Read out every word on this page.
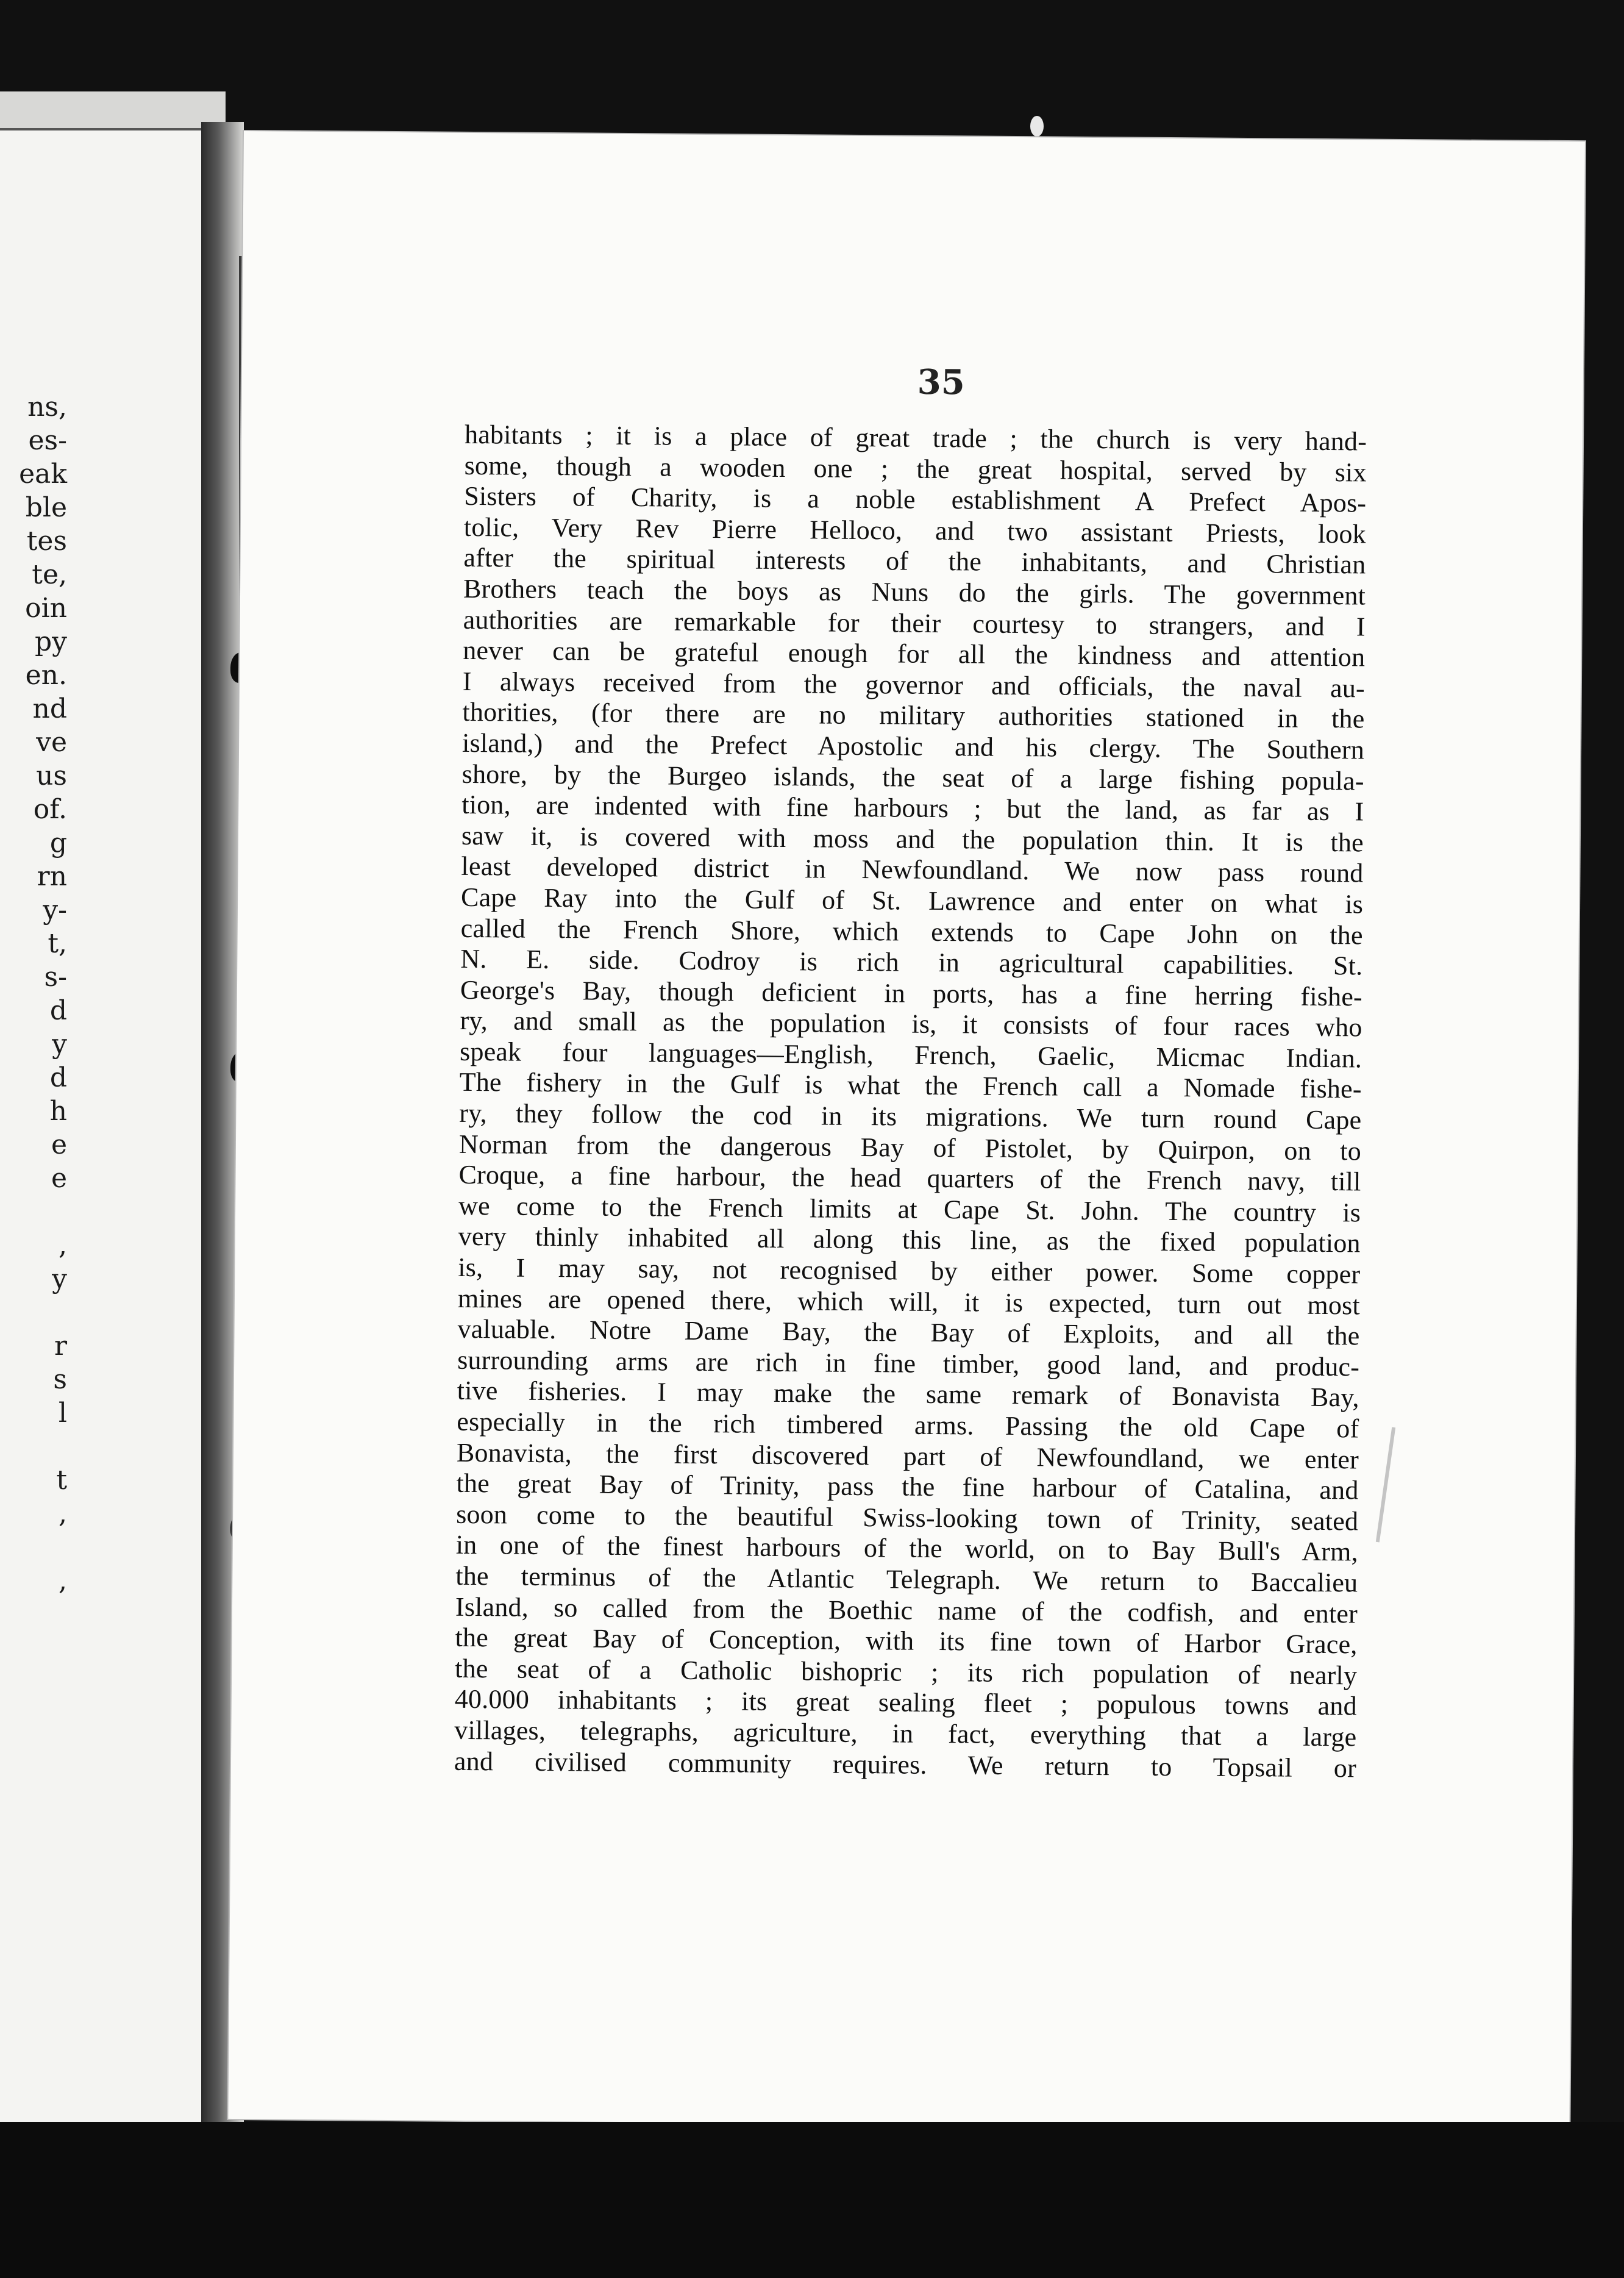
ns,
es-
eak
ble
tes
te,
oin
py
en.
nd
ve
us
of.
g
rn
y-
t,
s-
d
y
d
h
e
e

,
y

r
s
l

t
,

,
35
habitants ; it is a place of great trade ; the church is very hand-
some, though a wooden one ; the great hospital, served by six
Sisters of Charity, is a noble establishment A Prefect Apos-
tolic, Very Rev Pierre Helloco, and two assistant Priests, look
after the spiritual interests of the inhabitants, and Christian
Brothers teach the boys as Nuns do the girls. The government
authorities are remarkable for their courtesy to strangers, and I
never can be grateful enough for all the kindness and attention
I always received from the governor and officials, the naval au-
thorities, (for there are no military authorities stationed in the
island,) and the Prefect Apostolic and his clergy. The Southern
shore, by the Burgeo islands, the seat of a large fishing popula-
tion, are indented with fine harbours ; but the land, as far as I
saw it, is covered with moss and the population thin. It is the
least developed district in Newfoundland. We now pass round
Cape Ray into the Gulf of St. Lawrence and enter on what is
called the French Shore, which extends to Cape John on the
N. E. side. Codroy is rich in agricultural capabilities. St.
George's Bay, though deficient in ports, has a fine herring fishe-
ry, and small as the population is, it consists of four races who
speak four languages—English, French, Gaelic, Micmac Indian.
The fishery in the Gulf is what the French call a Nomade fishe-
ry, they follow the cod in its migrations. We turn round Cape
Norman from the dangerous Bay of Pistolet, by Quirpon, on to
Croque, a fine harbour, the head quarters of the French navy, till
we come to the French limits at Cape St. John. The country is
very thinly inhabited all along this line, as the fixed population
is, I may say, not recognised by either power. Some copper
mines are opened there, which will, it is expected, turn out most
valuable. Notre Dame Bay, the Bay of Exploits, and all the
surrounding arms are rich in fine timber, good land, and produc-
tive fisheries. I may make the same remark of Bonavista Bay,
especially in the rich timbered arms. Passing the old Cape of
Bonavista, the first discovered part of Newfoundland, we enter
the great Bay of Trinity, pass the fine harbour of Catalina, and
soon come to the beautiful Swiss-looking town of Trinity, seated
in one of the finest harbours of the world, on to Bay Bull's Arm,
the terminus of the Atlantic Telegraph. We return to Baccalieu
Island, so called from the Boethic name of the codfish, and enter
the great Bay of Conception, with its fine town of Harbor Grace,
the seat of a Catholic bishopric ; its rich population of nearly
40.000 inhabitants ; its great sealing fleet ; populous towns and
villages, telegraphs, agriculture, in fact, everything that a large
and civilised community requires. We return to Topsail or
